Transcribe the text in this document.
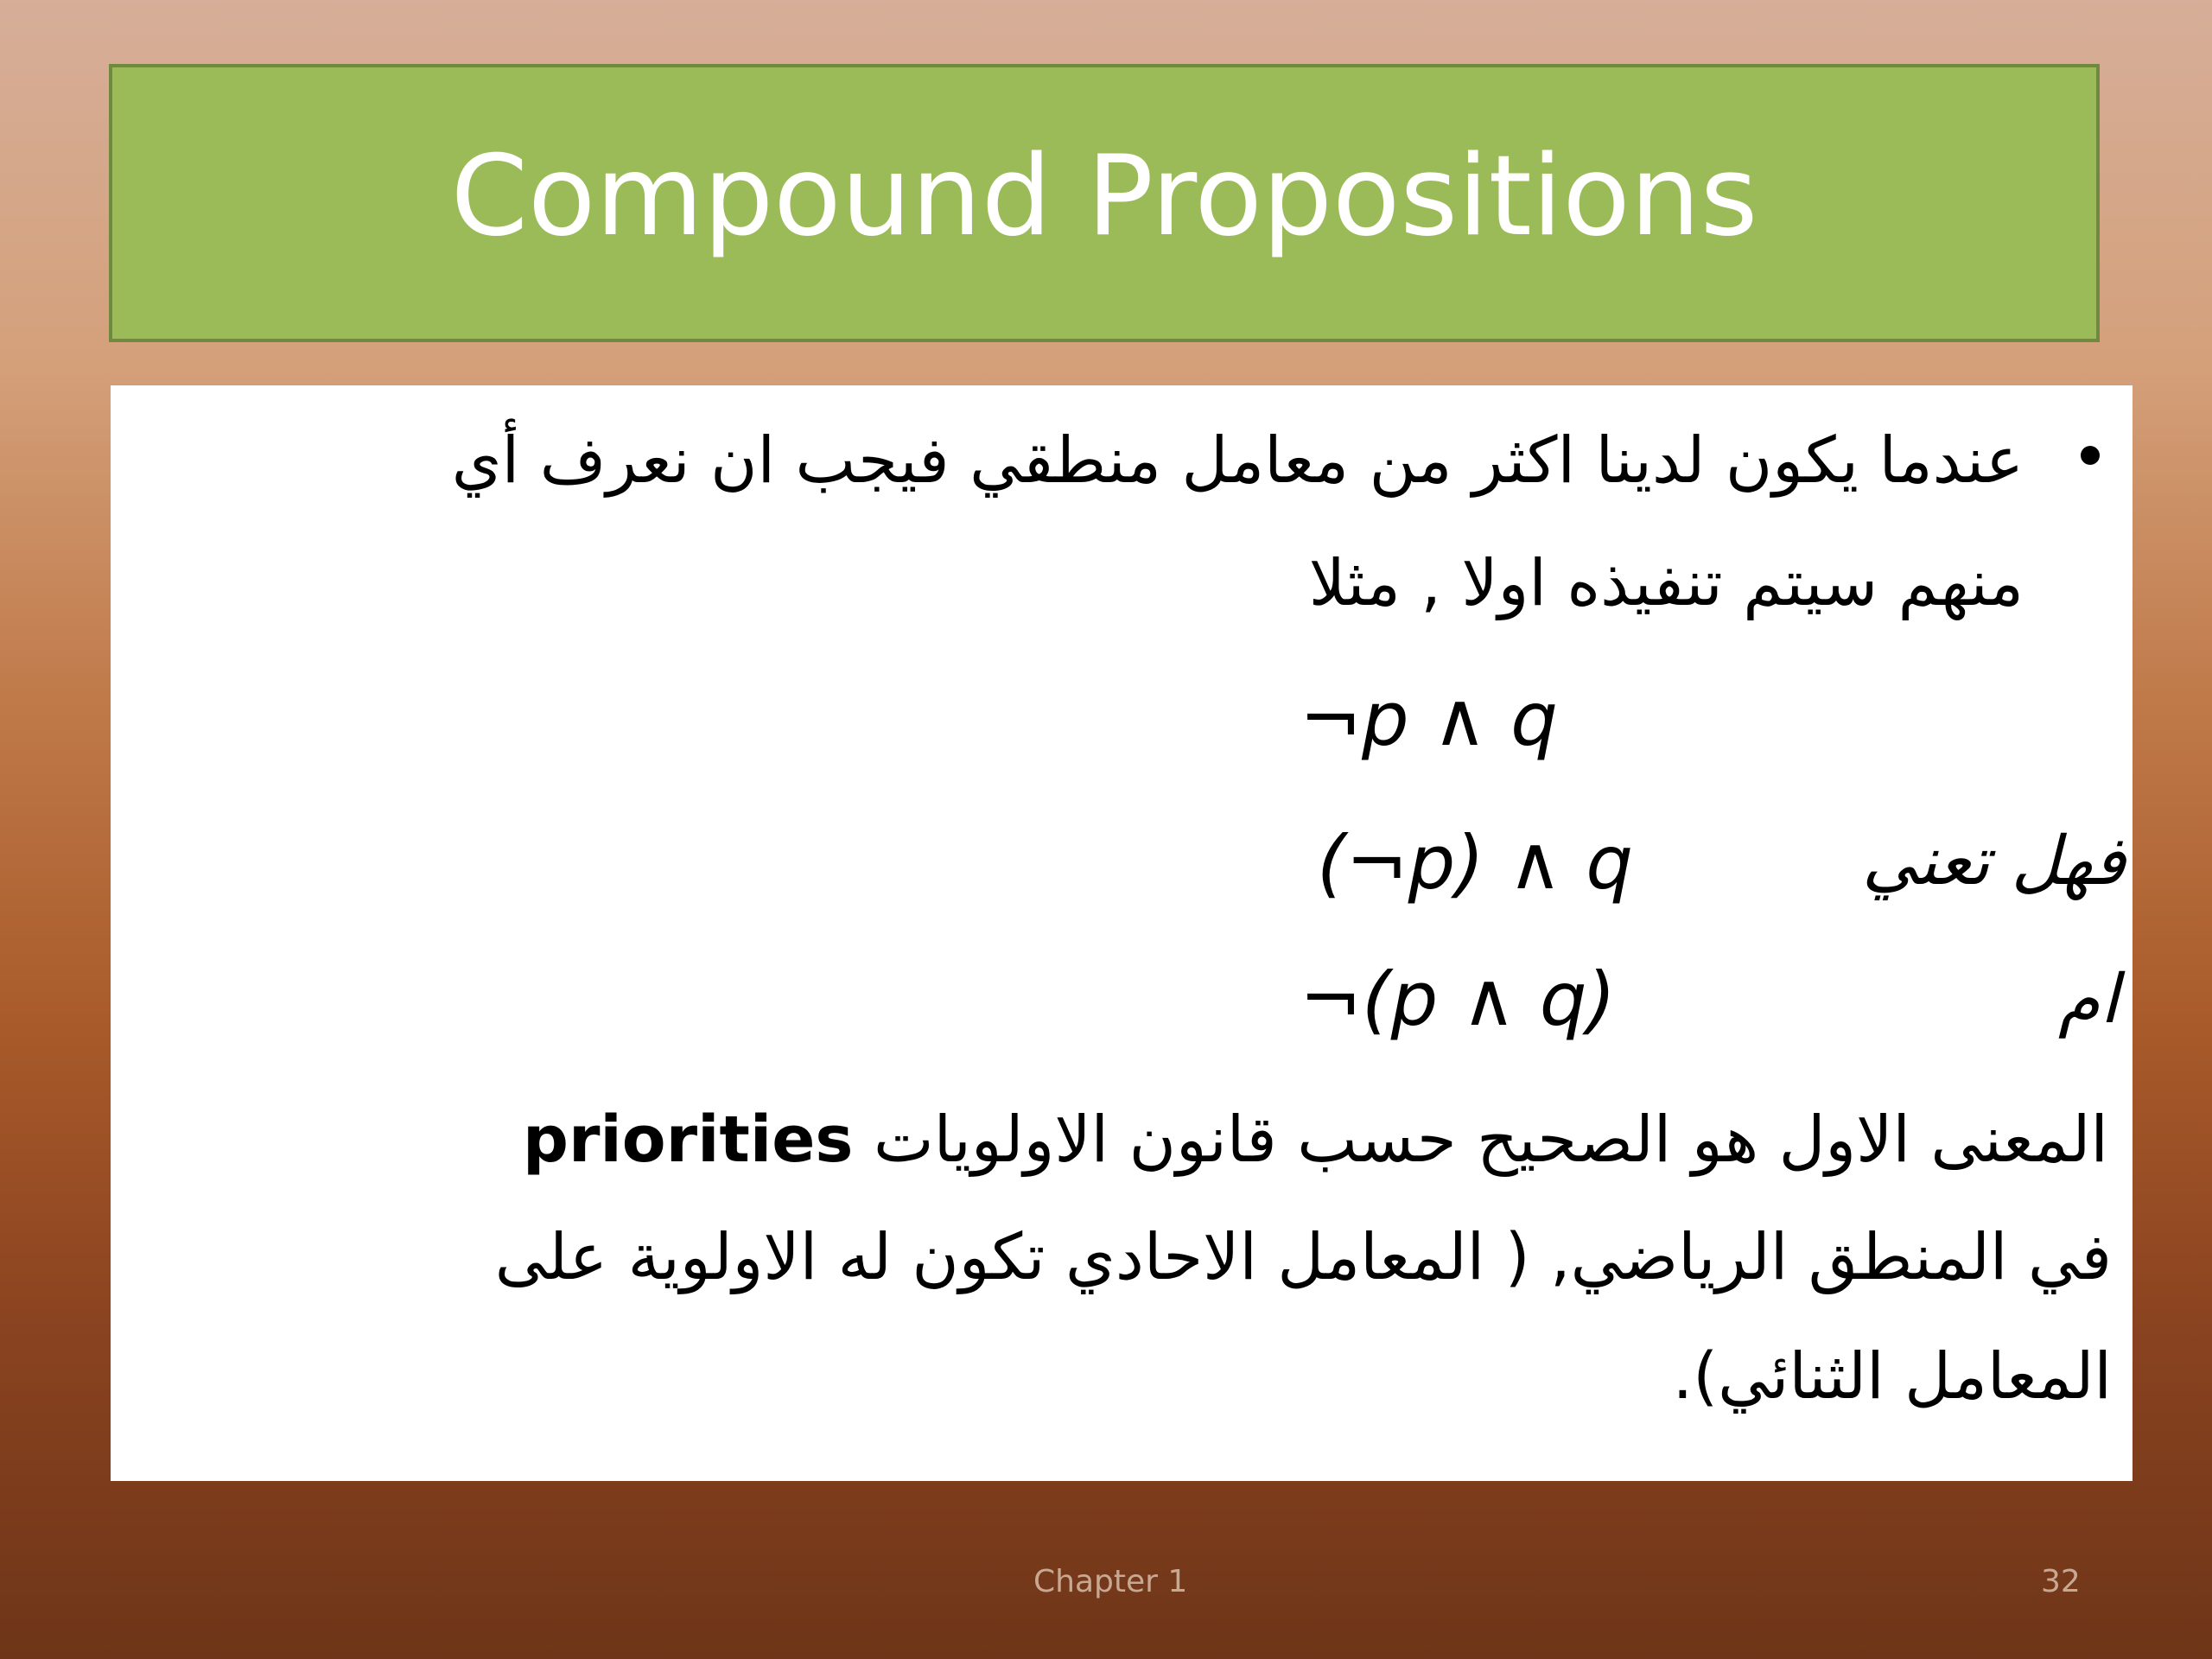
Compound Propositions
عندما يكون لدينا اكثر من معامل منطقي فيجب ان نعرف أي
منهم سيتم تنفيذه اولا , مثلا
¬p ∧ q
فهل تعني
(¬p) ∧ q
ام
¬(p ∧ q)
المعنى الاول هو الصحيح حسب قانون الاولويات priorities
في المنطق الرياضي, ( المعامل الاحادي تكون له الاولوية على
المعامل الثنائي).
Chapter 1	32
